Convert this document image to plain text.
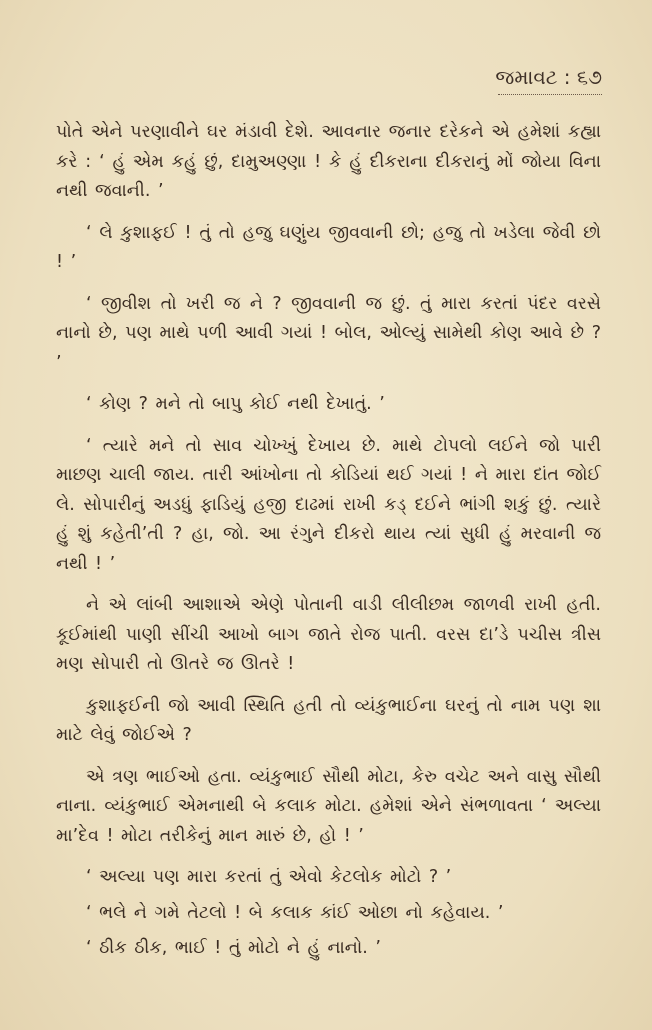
જમાવટ : ૬૭

પોતે એને પરણાવીને ઘર મંડાવી દેશે. આવનાર જનાર દરેકને એ હમેશાં કહ્યા કરે : ‘ હું એમ કહું છું, દામુઅણ્ણા ! કે હું દીકરાના દીકરાનું મોં જોયા વિના નથી જવાની. ’

‘ લે કુશાફઈ ! તું તો હજુ ઘણુંય જીવવાની છો; હજુ તો ખડેલા જેવી છો ! ’

‘ જીવીશ તો ખરી જ ને ? જીવવાની જ છું. તું મારા કરતાં પંદર વરસે નાનો છે, પણ માથે પળી આવી ગયાં ! બોલ, ઓલ્યું સામેથી કોણ આવે છે ? ’

‘ કોણ ? મને તો બાપુ કોઈ નથી દેખાતું. ’

‘ ત્યારે મને તો સાવ ચોખ્ખું દેખાય છે. માથે ટોપલો લઈને જો પારી માછણ ચાલી જાય. તારી આંખોના તો કોડિયાં થઈ ગયાં ! ને મારા દાંત જોઈ લે. સોપારીનું અડધું ફાડિયું હજી દાઢમાં રાખી કડ્ દઈને ભાંગી શકું છું. ત્યારે હું શું કહેતી’તી ? હા, જો. આ રંગુને દીકરો થાય ત્યાં સુધી હું મરવાની જ નથી ! ’

ને એ લાંબી આશાએ એણે પોતાની વાડી લીલીછમ જાળવી રાખી હતી. કૂઈમાંથી પાણી સીંચી આખો બાગ જાતે રોજ પાતી. વરસ દા’ડે પચીસ ત્રીસ મણ સોપારી તો ઊતરે જ ઊતરે !

કુશાફઈની જો આવી સ્થિતિ હતી તો વ્યંકુભાઈના ઘરનું તો નામ પણ શા માટે લેવું જોઈએ ?

એ ત્રણ ભાઈઓ હતા. વ્યંકુભાઈ સૌથી મોટા, કેરુ વચેટ અને વાસુ સૌથી નાના. વ્યંકુભાઈ એમનાથી બે કલાક મોટા. હમેશાં એને સંભળાવતા ‘ અલ્યા મા’દેવ ! મોટા તરીકેનું માન મારું છે, હો ! ’

‘ અલ્યા પણ મારા કરતાં તું એવો કેટલોક મોટો ? ’

‘ ભલે ને ગમે તેટલો ! બે કલાક કાંઈ ઓછા નો કહેવાય. ’

‘ ઠીક ઠીક, ભાઈ ! તું મોટો ને હું નાનો. ’
